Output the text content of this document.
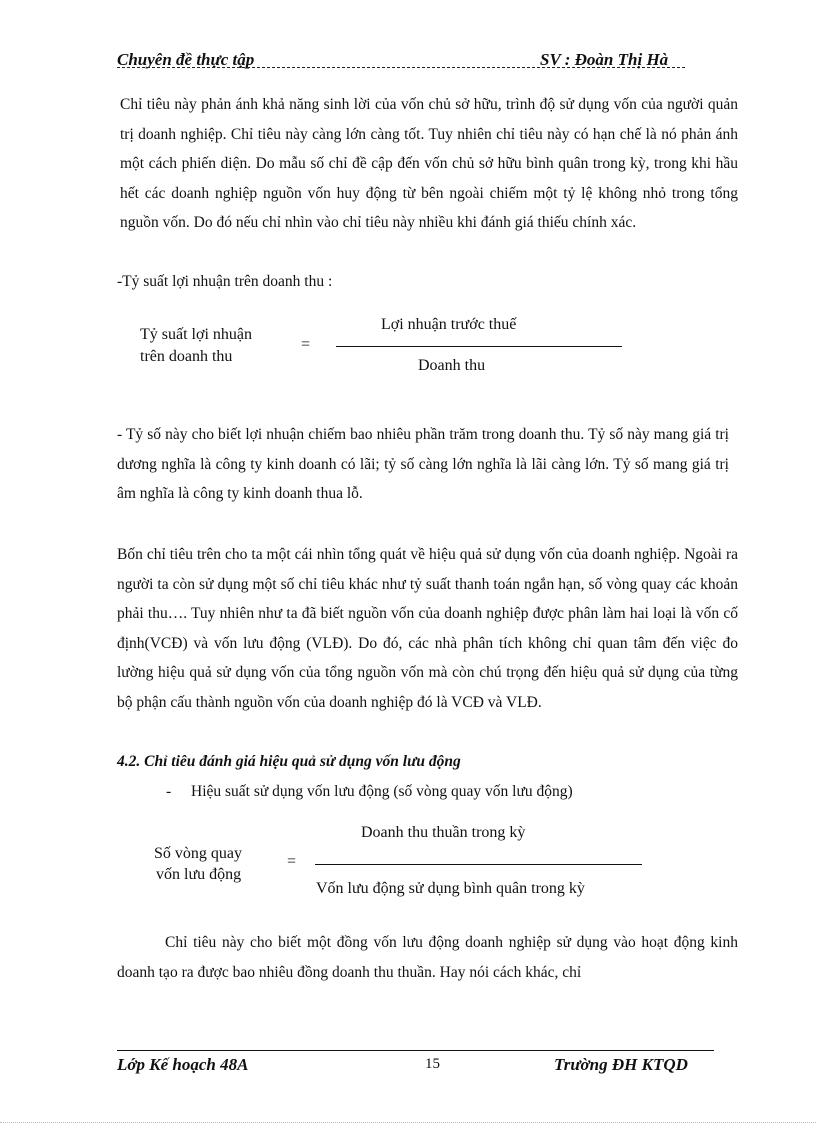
Chuyên đề thực tập	SV : Đoàn Thị Hà

Chỉ tiêu này phản ánh khả năng sinh lời của vốn chủ sở hữu, trình độ sử dụng vốn của người quản trị doanh nghiệp. Chỉ tiêu này càng lớn càng tốt. Tuy nhiên chỉ tiêu này có hạn chế là nó phản ánh một cách phiến diện. Do mẫu số chỉ đề cập đến vốn chủ sở hữu bình quân trong kỳ, trong khi hầu hết các doanh nghiệp nguồn vốn huy động từ bên ngoài chiếm một tỷ lệ không nhỏ trong tổng nguồn vốn. Do đó nếu chỉ nhìn vào chỉ tiêu này nhiều khi đánh giá thiếu chính xác.

-Tỷ suất lợi nhuận trên doanh thu :
Tỷ suất lợi nhuận
trên doanh thu
=
Lợi nhuận trước thuế
Doanh thu

- Tỷ số này cho biết lợi nhuận chiếm bao nhiêu phần trăm trong doanh thu. Tỷ số này mang giá trị dương nghĩa là công ty kinh doanh có lãi; tỷ số càng lớn nghĩa là lãi càng lớn. Tỷ số mang giá trị âm nghĩa là công ty kinh doanh thua lỗ.

Bốn chỉ tiêu trên cho ta một cái nhìn tổng quát về hiệu quả sử dụng vốn của doanh nghiệp. Ngoài ra người ta còn sử dụng một số chỉ tiêu khác như tỷ suất thanh toán ngắn hạn, số vòng quay các khoản phải thu…. Tuy nhiên như ta đã biết nguồn vốn của doanh nghiệp được phân làm hai loại là vốn cố định(VCĐ) và vốn lưu động (VLĐ). Do đó, các nhà phân tích không chỉ quan tâm đến việc đo lường hiệu quả sử dụng vốn của tổng nguồn vốn mà còn chú trọng đến hiệu quả sử dụng của từng bộ phận cấu thành nguồn vốn của doanh nghiệp đó là VCĐ và VLĐ.

4.2. Chỉ tiêu đánh giá hiệu quả sử dụng vốn lưu động
- Hiệu suất sử dụng vốn lưu động (số vòng quay vốn lưu động)
Doanh thu thuần trong kỳ
Số vòng quay
vốn lưu động
=
Vốn lưu động sử dụng bình quân trong kỳ

Chỉ tiêu này cho biết một đồng vốn lưu động doanh nghiệp sử dụng vào hoạt động kinh doanh tạo ra được bao nhiêu đồng doanh thu thuần. Hay nói cách khác, chỉ

Lớp Kế hoạch 48A	15	Trường ĐH KTQD
